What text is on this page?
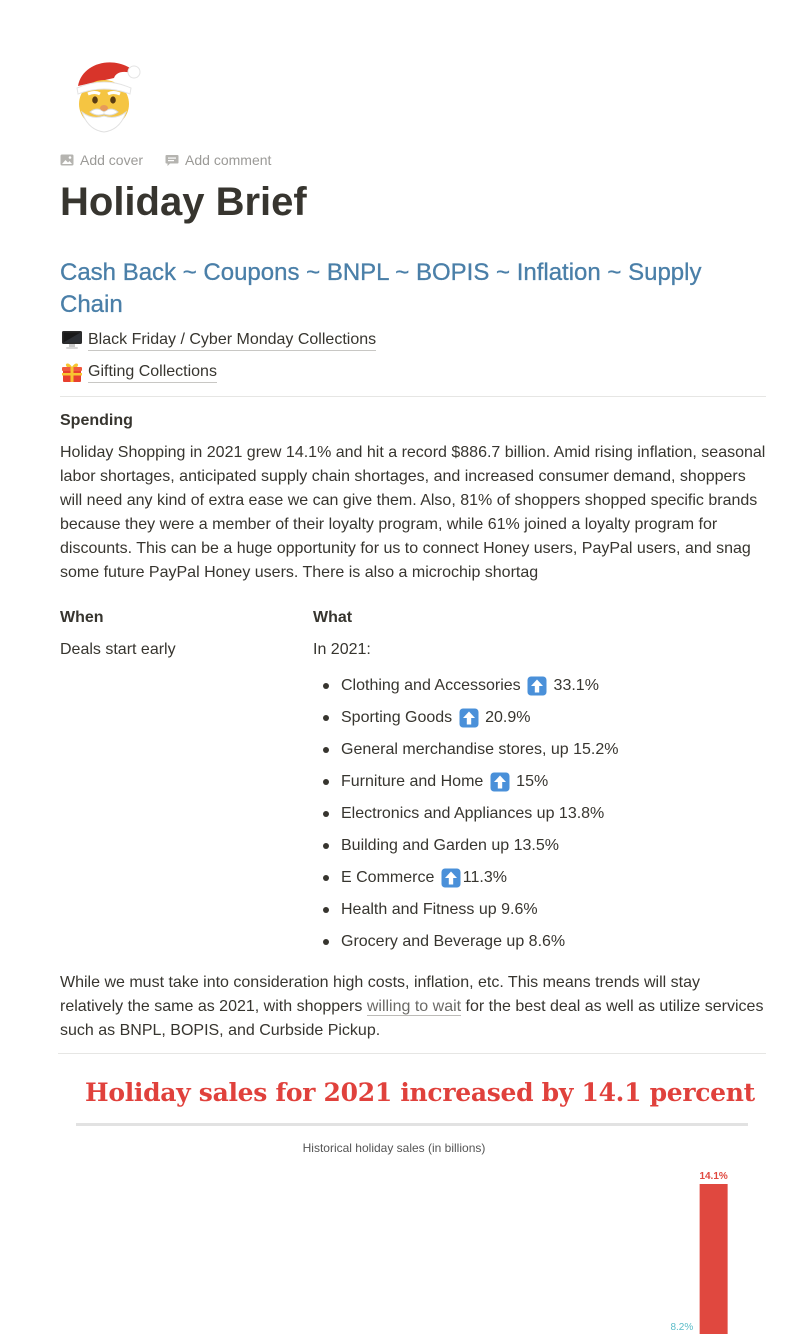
Add cover	Add comment
Holiday Brief
Cash Back ~ Coupons ~ BNPL ~ BOPIS ~ Inflation ~ Supply Chain
Black Friday / Cyber Monday Collections
Gifting Collections
Spending

Holiday Shopping in 2021 grew 14.1% and hit a record $886.7 billion. Amid rising inflation, seasonal labor shortages, anticipated supply chain shortages, and increased consumer demand, shoppers will need any kind of extra ease we can give them. Also, 81% of shoppers shopped specific brands because they were a member of their loyalty program, while 61% joined a loyalty program for discounts. This can be a huge opportunity for us to connect Honey users, PayPal users, and snag some future PayPal Honey users. There is also a microchip shortag

When	What
Deals start early	In 2021:
Clothing and Accessories 33.1%
Sporting Goods 20.9%
General merchandise stores, up 15.2%
Furniture and Home 15%
Electronics and Appliances up 13.8%
Building and Garden up 13.5%
E Commerce 11.3%
Health and Fitness up 9.6%
Grocery and Beverage up 8.6%

While we must take into consideration high costs, inflation, etc. This means trends will stay relatively the same as 2021, with shoppers willing to wait for the best deal as well as utilize services such as BNPL, BOPIS, and Curbside Pickup.

Holiday sales for 2021 increased by 14.1 percent
Historical holiday sales (in billions)
8.2%
14.1%
